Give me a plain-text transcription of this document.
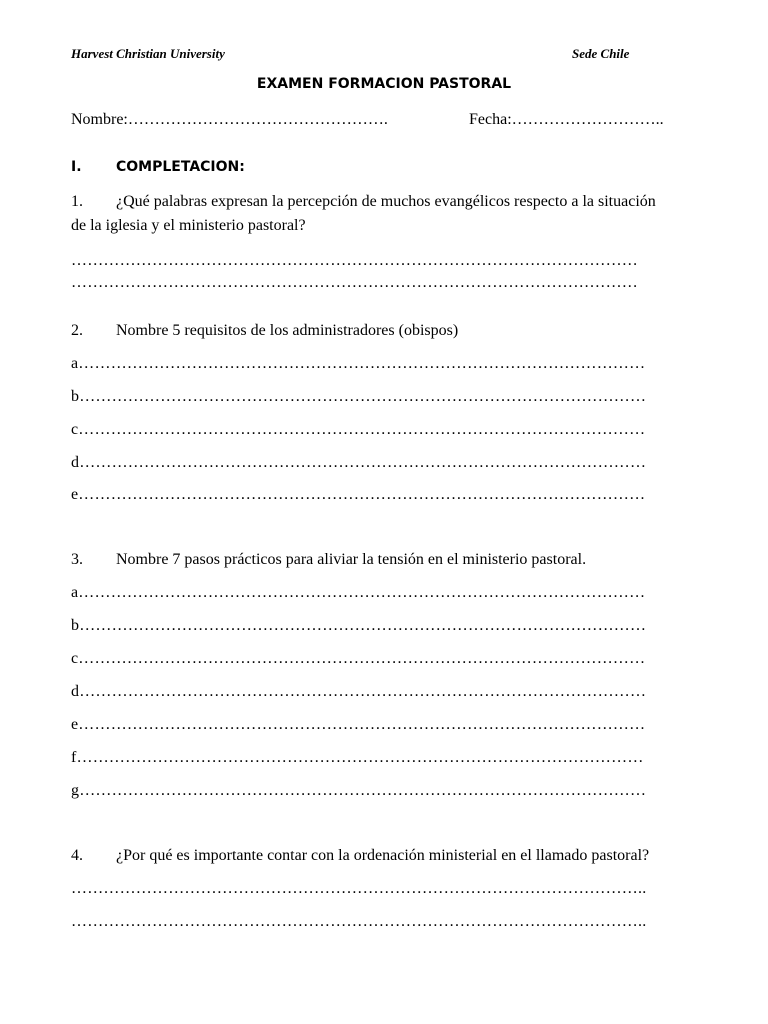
Harvest Christian University	Sede Chile
EXAMEN FORMACION PASTORAL
Nombre:………………………………………….	Fecha:………………………..
I. COMPLETACION:
1. ¿Qué palabras expresan la percepción de muchos evangélicos respecto a la situación
de la iglesia y el ministerio pastoral?
……………………………………………………………………………………………
……………………………………………………………………………………………
2. Nombre 5 requisitos de los administradores (obispos)
a……………………………………………………………………………………………
b……………………………………………………………………………………………
c……………………………………………………………………………………………
d……………………………………………………………………………………………
e……………………………………………………………………………………………
3. Nombre 7 pasos prácticos para aliviar la tensión en el ministerio pastoral.
a……………………………………………………………………………………………
b……………………………………………………………………………………………
c……………………………………………………………………………………………
d……………………………………………………………………………………………
e……………………………………………………………………………………………
f……………………………………………………………………………………………
g……………………………………………………………………………………………
4. ¿Por qué es importante contar con la ordenación ministerial en el llamado pastoral?
……………………………………………………………………………………………..
……………………………………………………………………………………………..
